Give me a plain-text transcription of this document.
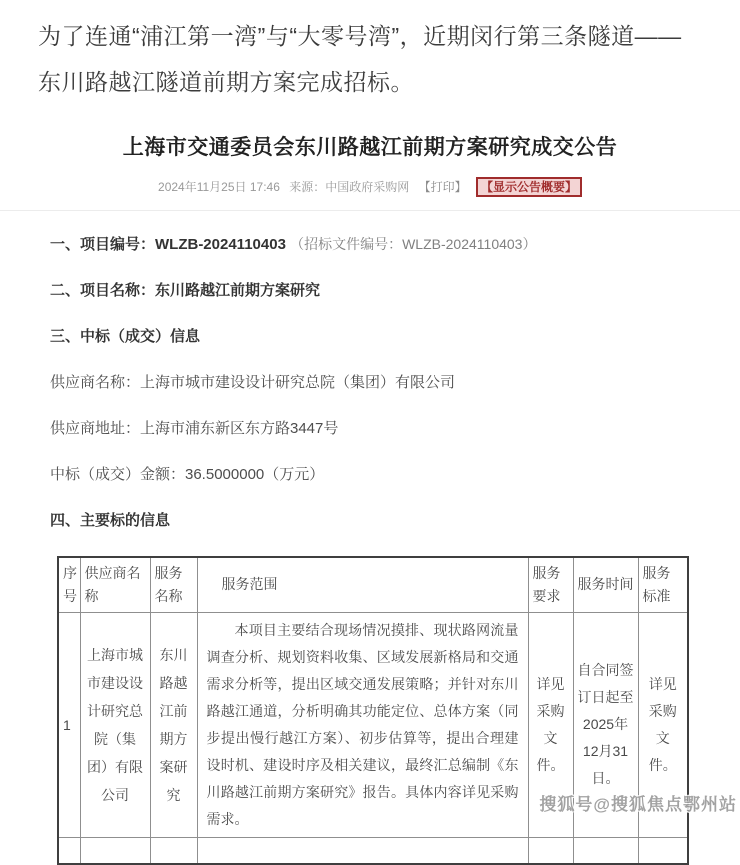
为了连通“浦江第一湾”与“大零号湾”，近期闵行第三条隧道——东川路越江隧道前期方案完成招标。

上海市交通委员会东川路越江前期方案研究成交公告
2024年11月25日 17:46 来源：中国政府采购网 【打印】 【显示公告概要】

一、项目编号：WLZB-2024110403 （招标文件编号：WLZB-2024110403）

二、项目名称：东川路越江前期方案研究

三、中标（成交）信息

供应商名称：上海市城市建设设计研究总院（集团）有限公司

供应商地址：上海市浦东新区东方路3447号

中标（成交）金额：36.5000000（万元）

四、主要标的信息

序号	供应商名称	服务名称	服务范围	服务要求	服务时间	服务标准
1	上海市城市建设设计研究总院（集团）有限公司	东川路越江前期方案研究	本项目主要结合现场情况摸排、现状路网流量调查分析、规划资料收集、区域发展新格局和交通需求分析等，提出区域交通发展策略；并针对东川路越江通道，分析明确其功能定位、总体方案（同步提出慢行越江方案）、初步估算等，提出合理建设时机、建设时序及相关建议，最终汇总编制《东川路越江前期方案研究》报告。具体内容详见采购需求。	详见采购文件。	自合同签订日起至2025年12月31日。	详见采购文件。

搜狐号@搜狐焦点鄂州站
